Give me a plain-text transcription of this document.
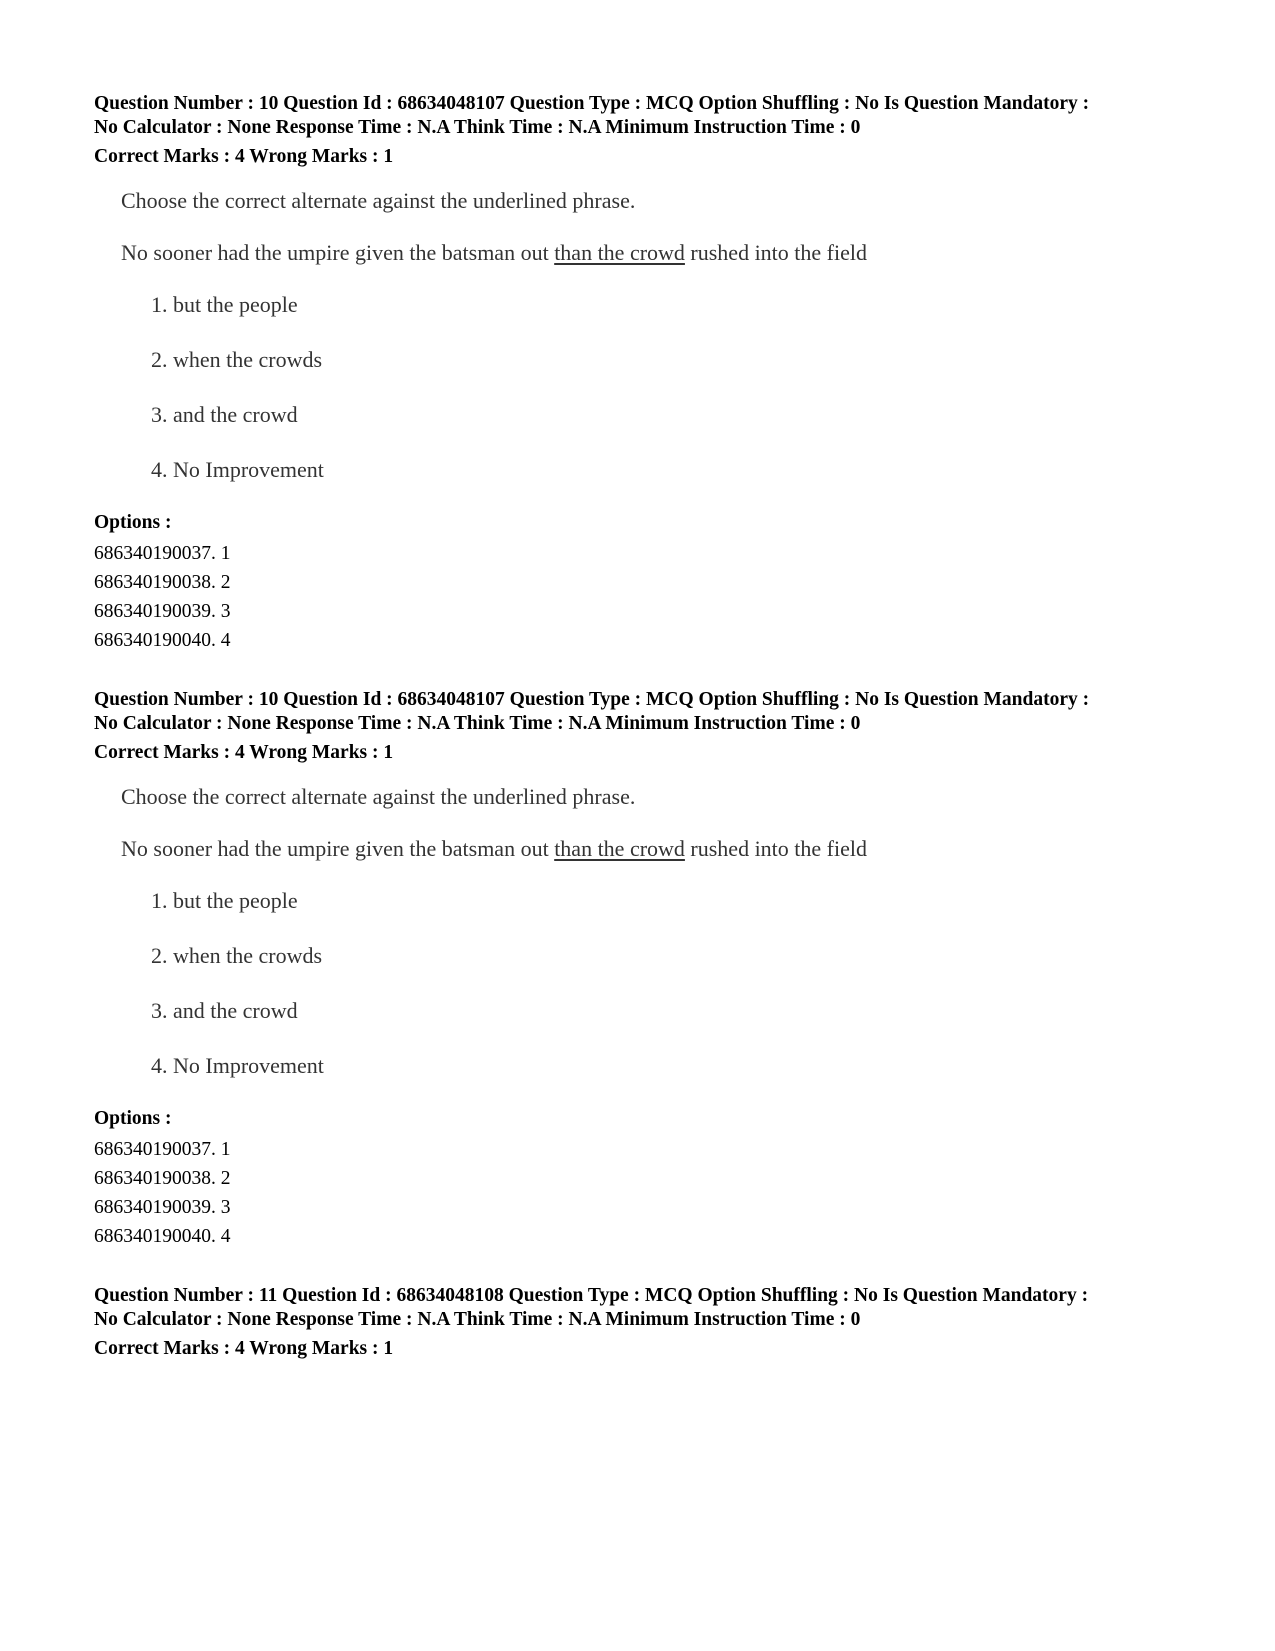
Question Number : 10 Question Id : 68634048107 Question Type : MCQ Option Shuffling : No Is Question Mandatory :
No Calculator : None Response Time : N.A Think Time : N.A Minimum Instruction Time : 0
Correct Marks : 4 Wrong Marks : 1
Choose the correct alternate against the underlined phrase.
No sooner had the umpire given the batsman out than the crowd rushed into the field
1. but the people
2. when the crowds
3. and the crowd
4. No Improvement
Options :
686340190037. 1
686340190038. 2
686340190039. 3
686340190040. 4
Question Number : 10 Question Id : 68634048107 Question Type : MCQ Option Shuffling : No Is Question Mandatory :
No Calculator : None Response Time : N.A Think Time : N.A Minimum Instruction Time : 0
Correct Marks : 4 Wrong Marks : 1
Choose the correct alternate against the underlined phrase.
No sooner had the umpire given the batsman out than the crowd rushed into the field
1. but the people
2. when the crowds
3. and the crowd
4. No Improvement
Options :
686340190037. 1
686340190038. 2
686340190039. 3
686340190040. 4
Question Number : 11 Question Id : 68634048108 Question Type : MCQ Option Shuffling : No Is Question Mandatory :
No Calculator : None Response Time : N.A Think Time : N.A Minimum Instruction Time : 0
Correct Marks : 4 Wrong Marks : 1
